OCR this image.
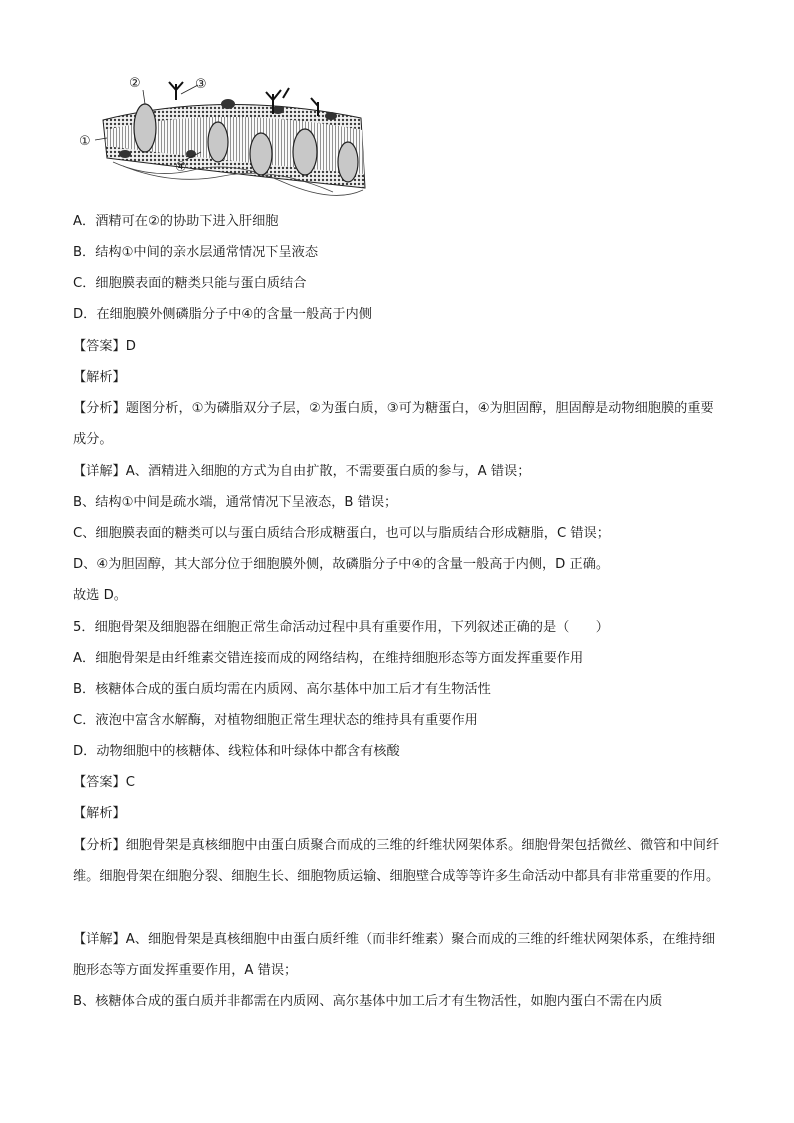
①
②	③
④
A．酒精可在②的协助下进入肝细胞
B．结构①中间的亲水层通常情况下呈液态
C．细胞膜表面的糖类只能与蛋白质结合
D．在细胞膜外侧磷脂分子中④的含量一般高于内侧
【答案】D
【解析】
【分析】题图分析，①为磷脂双分子层，②为蛋白质，③可为糖蛋白，④为胆固醇，胆固醇是动物细胞膜的重要成分。
【详解】A、酒精进入细胞的方式为自由扩散，不需要蛋白质的参与，A 错误；
B、结构①中间是疏水端，通常情况下呈液态，B 错误；
C、细胞膜表面的糖类可以与蛋白质结合形成糖蛋白，也可以与脂质结合形成糖脂，C 错误；
D、④为胆固醇，其大部分位于细胞膜外侧，故磷脂分子中④的含量一般高于内侧，D 正确。
故选 D。
5．细胞骨架及细胞器在细胞正常生命活动过程中具有重要作用，下列叙述正确的是（　　）
A．细胞骨架是由纤维素交错连接而成的网络结构，在维持细胞形态等方面发挥重要作用
B．核糖体合成的蛋白质均需在内质网、高尔基体中加工后才有生物活性
C．液泡中富含水解酶，对植物细胞正常生理状态的维持具有重要作用
D．动物细胞中的核糖体、线粒体和叶绿体中都含有核酸
【答案】C
【解析】
【分析】细胞骨架是真核细胞中由蛋白质聚合而成的三维的纤维状网架体系。细胞骨架包括微丝、微管和中间纤维。细胞骨架在细胞分裂、细胞生长、细胞物质运输、细胞壁合成等等许多生命活动中都具有非常重要的作用。
【详解】A、细胞骨架是真核细胞中由蛋白质纤维（而非纤维素）聚合而成的三维的纤维状网架体系，在维持细胞形态等方面发挥重要作用，A 错误；
B、核糖体合成的蛋白质并非都需在内质网、高尔基体中加工后才有生物活性，如胞内蛋白不需在内质
